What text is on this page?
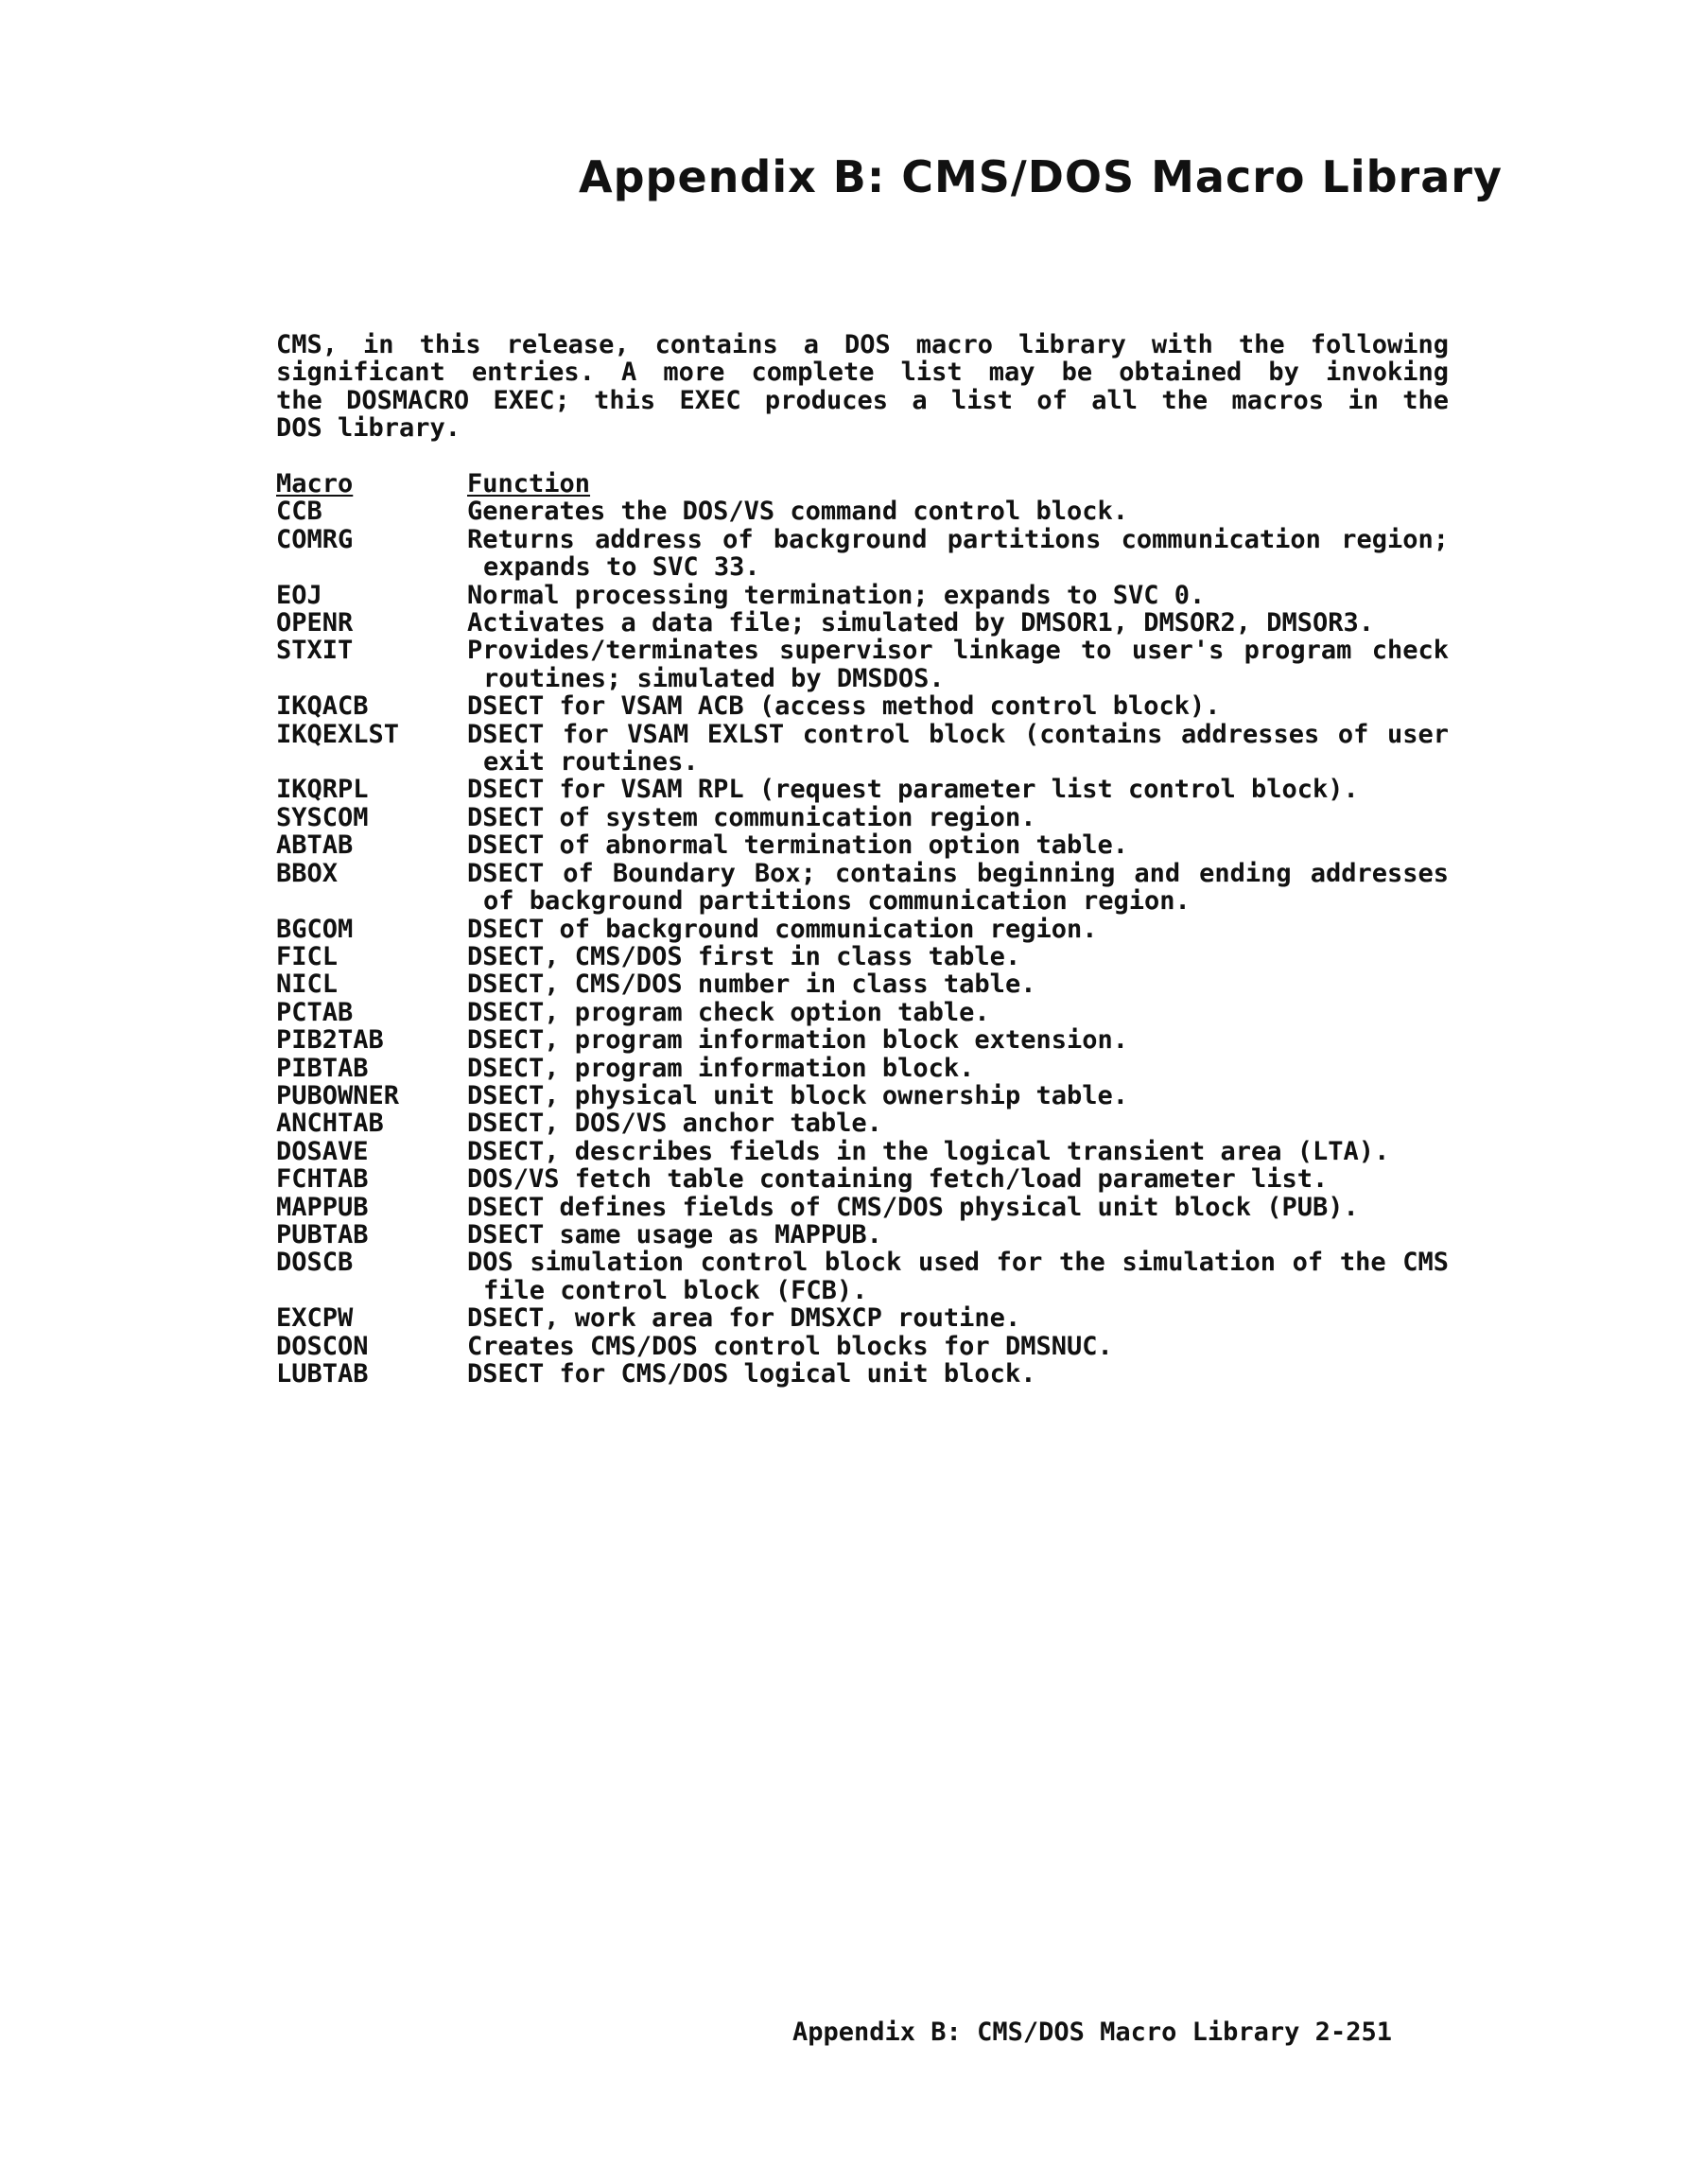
Appendix B: CMS/DOS Macro Library

CMS, in this release, contains a DOS macro library with the following
significant entries. A more complete list may be obtained by invoking
the DOSMACRO EXEC; this EXEC produces a list of all the macros in the
DOS library.

Macro	Function
CCB	Generates the DOS/VS command control block.
COMRG	Returns address of background partitions communication region; expands to SVC 33.
EOJ	Normal processing termination; expands to SVC 0.
OPENR	Activates a data file; simulated by DMSOR1, DMSOR2, DMSOR3.
STXIT	Provides/terminates supervisor linkage to user's program check routines; simulated by DMSDOS.
IKQACB	DSECT for VSAM ACB (access method control block).
IKQEXLST	DSECT for VSAM EXLST control block (contains addresses of user exit routines.
IKQRPL	DSECT for VSAM RPL (request parameter list control block).
SYSCOM	DSECT of system communication region.
ABTAB	DSECT of abnormal termination option table.
BBOX	DSECT of Boundary Box; contains beginning and ending addresses of background partitions communication region.
BGCOM	DSECT of background communication region.
FICL	DSECT, CMS/DOS first in class table.
NICL	DSECT, CMS/DOS number in class table.
PCTAB	DSECT, program check option table.
PIB2TAB	DSECT, program information block extension.
PIBTAB	DSECT, program information block.
PUBOWNER	DSECT, physical unit block ownership table.
ANCHTAB	DSECT, DOS/VS anchor table.
DOSAVE	DSECT, describes fields in the logical transient area (LTA).
FCHTAB	DOS/VS fetch table containing fetch/load parameter list.
MAPPUB	DSECT defines fields of CMS/DOS physical unit block (PUB).
PUBTAB	DSECT same usage as MAPPUB.
DOSCB	DOS simulation control block used for the simulation of the CMS file control block (FCB).
EXCPW	DSECT, work area for DMSXCP routine.
DOSCON	Creates CMS/DOS control blocks for DMSNUC.
LUBTAB	DSECT for CMS/DOS logical unit block.

Appendix B: CMS/DOS Macro Library 2-251
